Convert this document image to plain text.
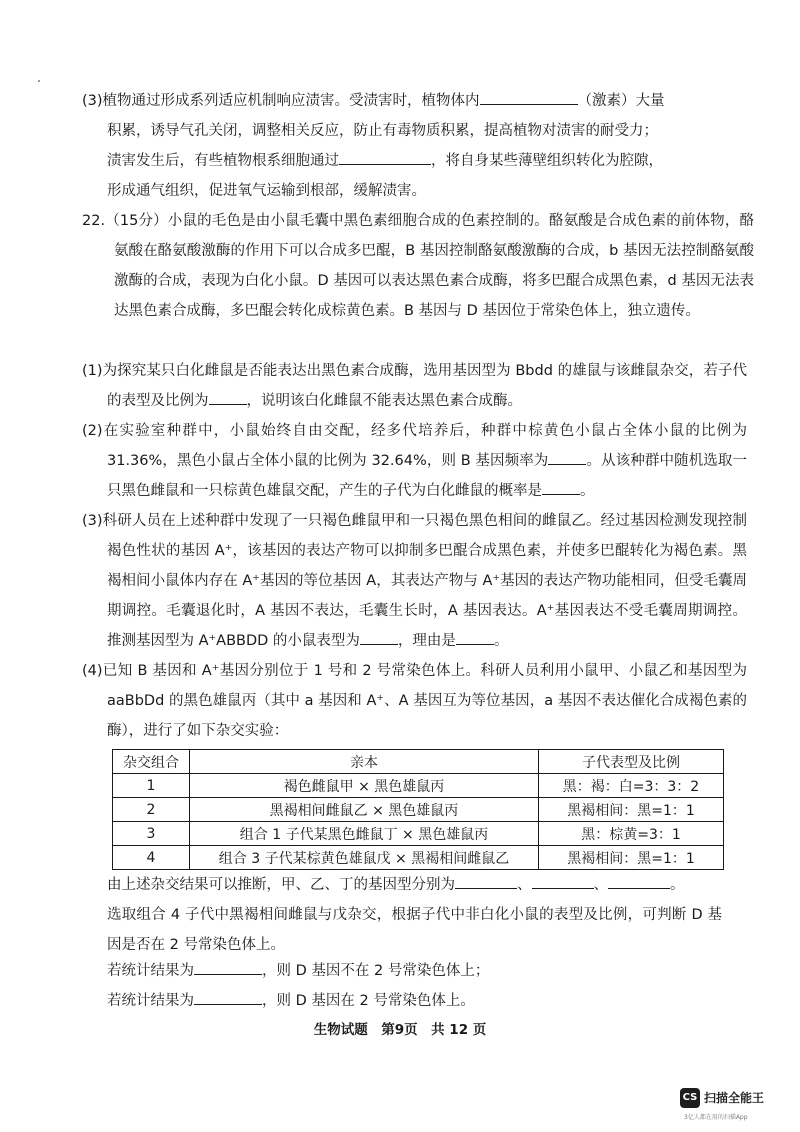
(3)植物通过形成系列适应机制响应渍害。受渍害时，植物体内	（激素）大量

积累，诱导气孔关闭，调整相关反应，防止有毒物质积累，提高植物对渍害的耐受力；

渍害发生后，有些植物根系细胞通过	，将自身某些薄壁组织转化为腔隙，

形成通气组织，促进氧气运输到根部，缓解渍害。

22.（15分）小鼠的毛色是由小鼠毛囊中黑色素细胞合成的色素控制的。酪氨酸是合成色素的前体物，酪氨酸在酪氨酸激酶的作用下可以合成多巴醌，B 基因控制酪氨酸激酶的合成，b 基因无法控制酪氨酸激酶的合成，表现为白化小鼠。D 基因可以表达黑色素合成酶，将多巴醌合成黑色素，d 基因无法表达黑色素合成酶，多巴醌会转化成棕黄色素。B 基因与 D 基因位于常染色体上，独立遗传。

(1)为探究某只白化雌鼠是否能表达出黑色素合成酶，选用基因型为 Bbdd 的雄鼠与该雌鼠杂交，若子代的表型及比例为	，说明该白化雌鼠不能表达黑色素合成酶。

(2)在实验室种群中，小鼠始终自由交配，经多代培养后，种群中棕黄色小鼠占全体小鼠的比例为 31.36%，黑色小鼠占全体小鼠的比例为 32.64%，则 B 基因频率为	。从该种群中随机选取一只黑色雌鼠和一只棕黄色雄鼠交配，产生的子代为白化雌鼠的概率是	。

(3)科研人员在上述种群中发现了一只褐色雌鼠甲和一只褐色黑色相间的雌鼠乙。经过基因检测发现控制褐色性状的基因 A⁺，该基因的表达产物可以抑制多巴醌合成黑色素，并使多巴醌转化为褐色素。黑褐相间小鼠体内存在 A⁺基因的等位基因 A，其表达产物与 A⁺基因的表达产物功能相同，但受毛囊周期调控。毛囊退化时，A 基因不表达，毛囊生长时，A 基因表达。A⁺基因表达不受毛囊周期调控。推测基因型为 A⁺ABBDD 的小鼠表型为	，理由是	。

(4)已知 B 基因和 A⁺基因分别位于 1 号和 2 号常染色体上。科研人员利用小鼠甲、小鼠乙和基因型为 aaBbDd 的黑色雄鼠丙（其中 a 基因和 A⁺、A 基因互为等位基因，a 基因不表达催化合成褐色素的酶），进行了如下杂交实验：

杂交组合	亲本	子代表型及比例
1	褐色雌鼠甲 × 黑色雄鼠丙	黑：褐：白=3：3：2
2	黑褐相间雌鼠乙 × 黑色雄鼠丙	黑褐相间：黑=1：1
3	组合 1 子代某黑色雌鼠丁 × 黑色雄鼠丙	黑：棕黄=3：1
4	组合 3 子代某棕黄色雄鼠戊 × 黑褐相间雌鼠乙	黑褐相间：黑=1：1

由上述杂交结果可以推断，甲、乙、丁的基因型分别为	、	、	。

选取组合 4 子代中黑褐相间雌鼠与戊杂交，根据子代中非白化小鼠的表型及比例，可判断 D 基因是否在 2 号常染色体上。

若统计结果为	，则 D 基因不在 2 号常染色体上；

若统计结果为	，则 D 基因在 2 号常染色体上。

生物试题　第9页　共 12 页
CS 扫描全能王
3亿人都在用的扫描App
